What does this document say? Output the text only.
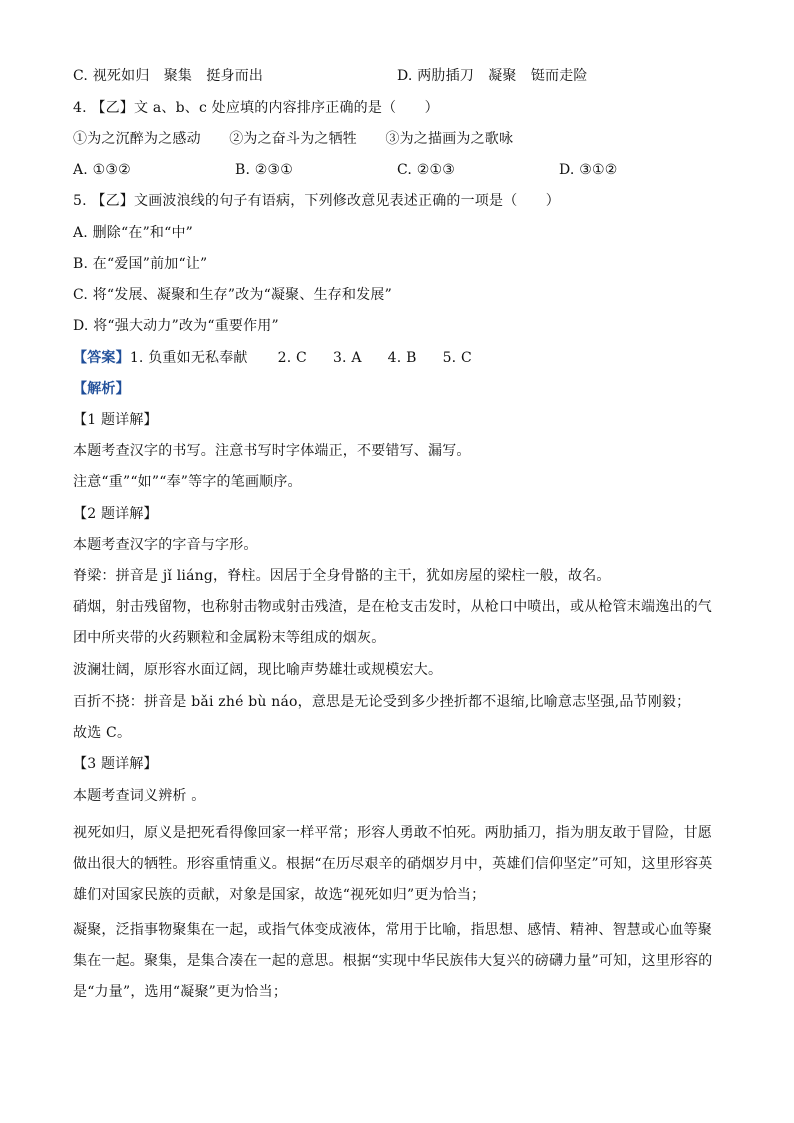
C. 视死如归　聚集　挺身而出	D. 两肋插刀　凝聚　铤而走险
4. 【乙】文 a、b、c 处应填的内容排序正确的是（　　）
①为之沉醉为之感动　　②为之奋斗为之牺牲　　③为之描画为之歌咏
A. ①③②	B. ②③①	C. ②①③	D. ③①②
5. 【乙】文画波浪线的句子有语病，下列修改意见表述正确的一项是（　　）
A. 删除“在”和“中”
B. 在“爱国”前加“让”
C. 将“发展、凝聚和生存”改为“凝聚、生存和发展”
D. 将“强大动力”改为“重要作用”
【答案】1. 负重如无私奉献 2. C 3. A 4. B 5. C
【解析】
【1 题详解】
本题考查汉字的书写。注意书写时字体端正，不要错写、漏写。
注意“重”“如”“奉”等字的笔画顺序。
【2 题详解】
本题考查汉字的字音与字形。
脊梁：拼音是 jǐ liáng，脊柱。因居于全身骨骼的主干，犹如房屋的梁柱一般，故名。
硝烟，射击残留物，也称射击物或射击残渣，是在枪支击发时，从枪口中喷出，或从枪管末端逸出的气团中所夹带的火药颗粒和金属粉末等组成的烟灰。
波澜壮阔，原形容水面辽阔，现比喻声势雄壮或规模宏大。
百折不挠：拼音是 bǎi zhé bù náo，意思是无论受到多少挫折都不退缩,比喻意志坚强,品节刚毅；
故选 C。
【3 题详解】
本题考查词义辨析 。
视死如归，原义是把死看得像回家一样平常；形容人勇敢不怕死。两肋插刀，指为朋友敢于冒险，甘愿做出很大的牺牲。形容重情重义。根据“在历尽艰辛的硝烟岁月中，英雄们信仰坚定”可知，这里形容英雄们对国家民族的贡献，对象是国家，故选“视死如归”更为恰当；
凝聚，泛指事物聚集在一起，或指气体变成液体，常用于比喻，指思想、感情、精神、智慧或心血等聚集在一起。聚集，是集合凑在一起的意思。根据“实现中华民族伟大复兴的磅礴力量”可知，这里形容的是“力量”，选用“凝聚”更为恰当；
